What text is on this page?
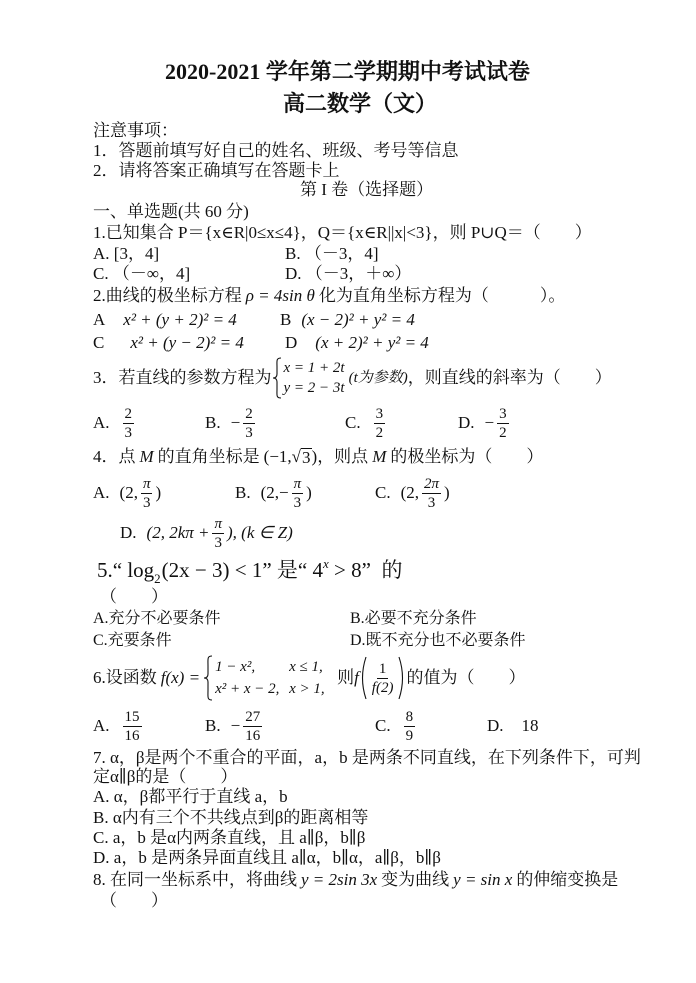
2020-2021 学年第二学期期中考试试卷
高二数学（文）
注意事项：
1．答题前填写好自己的姓名、班级、考号等信息
2．请将答案正确填写在答题卡上
第 I 卷（选择题）
一、单选题(共 60 分)
1.已知集合 P＝{x∈R|0≤x≤4}，Q＝{x∈R||x|<3}，则 P∪Q＝（　　）
A. [3，4]	B. （－3，4]
C. （－∞，4]	D. （－3，＋∞）
2.曲线的极坐标方程 ρ = 4sin θ 化为直角坐标方程为（　　　）。
A x² + (y + 2)² = 4	B (x − 2)² + y² = 4
C x² + (y − 2)² = 4 D (x + 2)² + y² = 4
3．若直线的参数方程为 x = 1 + 2t
y = 2 − 3t
(t为参数) ，则直线的斜率为（　　）
A. $\frac{2}{3}$	B. − $\frac{2}{3}$	C. $\frac{3}{2}$	D. − $\frac{3}{2}$
4．点 M 的直角坐标是 (−1, √ 3 ) ，则点 M 的极坐标为（　　）
A. (2, $\frac{\pi}{3}$ )	B. (2, − $\frac{\pi}{3}$ )	C. (2, $\frac{2\pi}{3}$ )
D. (2, $2k\pi + \frac{\pi}{3}$ ), (k ∈ Z)
5.“ $\log_2 (2x - 3) < 1$” 是“ $4^x > 8$” 的
（　　）
A.充分不必要条件	B.必要不充分条件
C.充要条件	D.既不充分也不必要条件
6.设函数 f(x) =
1 − x²,	x ≤ 1,
x² + x − 2, x > 1,
则 f $\frac{1}{f(2)}$ 的值为（　　）
A. $\frac{15}{16}$	B. − $\frac{27}{16}$	C. $\frac{8}{9}$	D. 18
7. α，β是两个不重合的平面，a，b 是两条不同直线，在下列条件下，可判
定α∥β的是（　　）
A. α，β都平行于直线 a，b
B. α内有三个不共线点到β的距离相等
C. a，b 是α内两条直线，且 a∥β，b∥β
D. a，b 是两条异面直线且 a∥α，b∥α，a∥β，b∥β
8. 在同一坐标系中，将曲线 y = 2sin 3x 变为曲线 y = sin x 的伸缩变换是
（　　）
